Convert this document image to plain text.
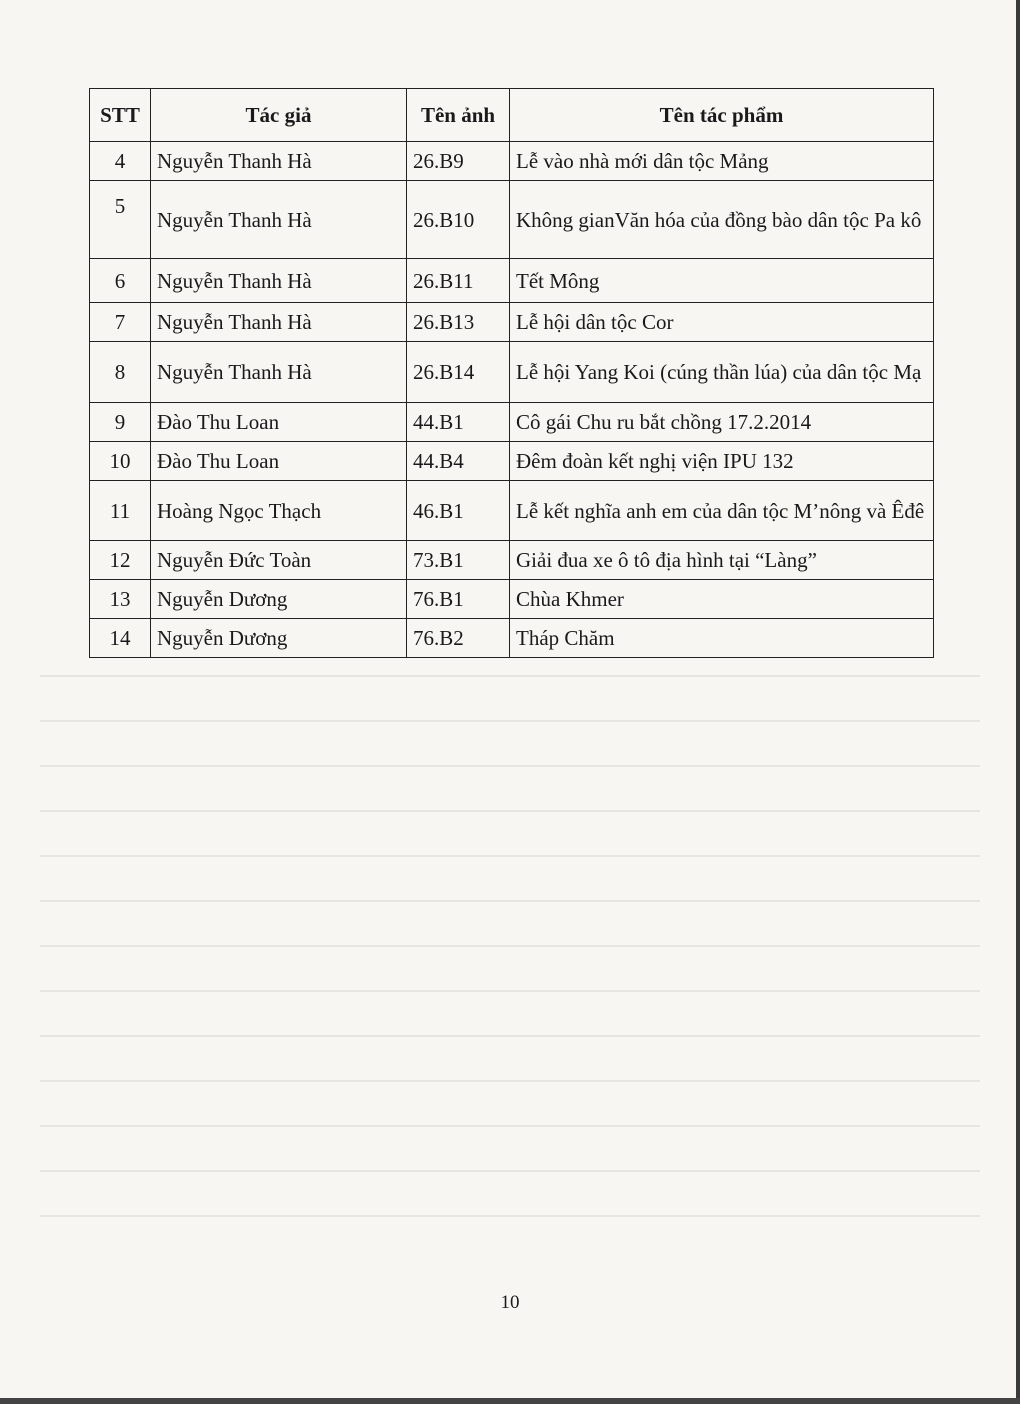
STT	Tác giả	Tên ảnh	Tên tác phẩm
4	Nguyễn Thanh Hà	26.B9	Lễ vào nhà mới dân tộc Mảng
5	Nguyễn Thanh Hà	26.B10	Không gianVăn hóa của đồng bào dân tộc Pa kô
6	Nguyễn Thanh Hà	26.B11	Tết Mông
7	Nguyễn Thanh Hà	26.B13	Lễ hội dân tộc Cor
8	Nguyễn Thanh Hà	26.B14	Lễ hội Yang Koi (cúng thần lúa) của dân tộc Mạ
9	Đào Thu Loan	44.B1	Cô gái Chu ru bắt chồng 17.2.2014
10	Đào Thu Loan	44.B4	Đêm đoàn kết nghị viện IPU 132
11	Hoàng Ngọc Thạch	46.B1	Lễ kết nghĩa anh em của dân tộc M’nông và Êđê
12	Nguyễn Đức Toàn	73.B1	Giải đua xe ô tô địa hình tại “Làng”
13	Nguyễn Dương	76.B1	Chùa Khmer
14	Nguyễn Dương	76.B2	Tháp Chăm
10
